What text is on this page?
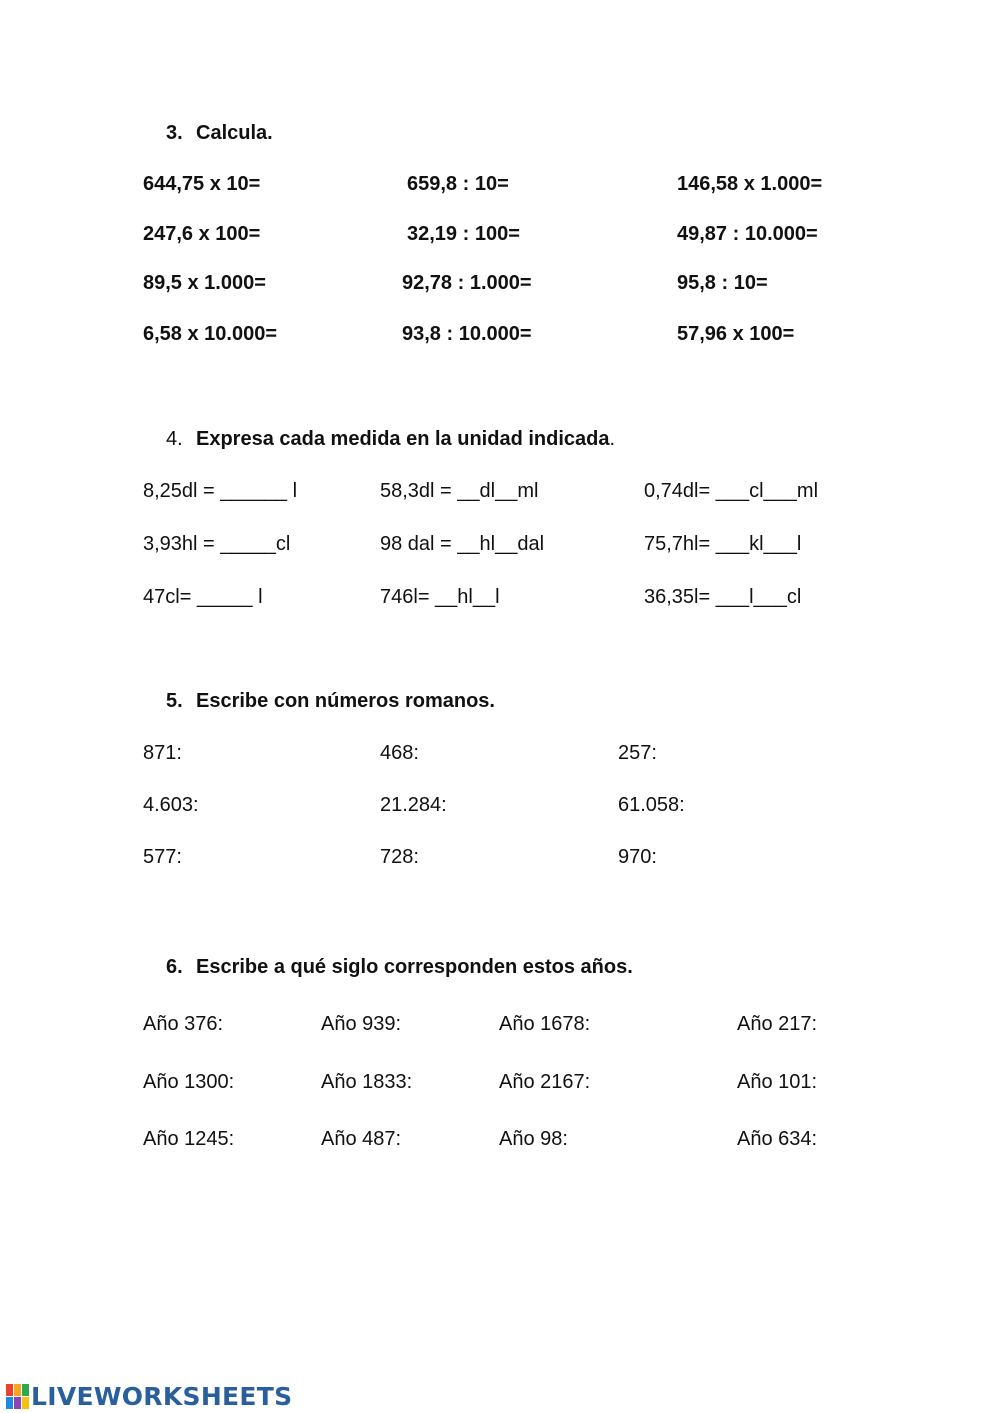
3. Calcula.
644,75 x 10=	659,8 : 10=	146,58 x 1.000=
247,6 x 100=	32,19 : 100=	49,87 : 10.000=
89,5 x 1.000=	92,78 : 1.000=	95,8 : 10=
6,58 x 10.000=	93,8 : 10.000=	57,96 x 100=
4. Expresa cada medida en la unidad indicada.
8,25dl = ______ l	58,3dl = __dl__ml	0,74dl= ___cl___ml
3,93hl = _____cl	98 dal = __hl__dal	75,7hl= ___kl___l
47cl= _____ l	746l= __hl__l	36,35l= ___l___cl
5. Escribe con números romanos.
871:	468:	257:
4.603:	21.284:	61.058:
577:	728:	970:
6. Escribe a qué siglo corresponden estos años.
Año 376:	Año 939:	Año 1678:	Año 217:
Año 1300:	Año 1833:	Año 2167:	Año 101:
Año 1245:	Año 487:	Año 98:	Año 634:
LIVEWORKSHEETS
